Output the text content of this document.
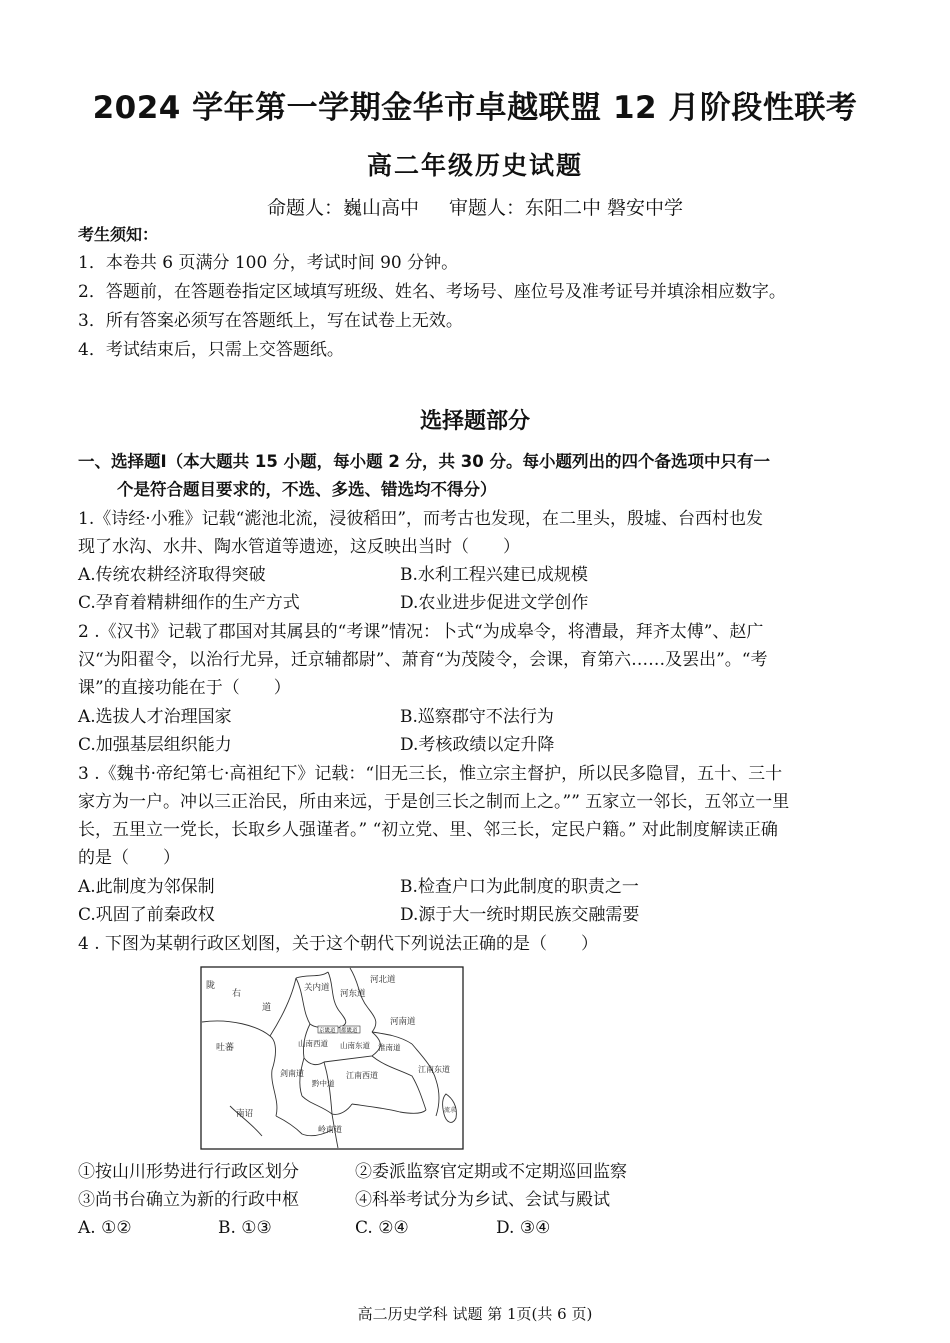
2024 学年第一学期金华市卓越联盟 12 月阶段性联考
高二年级历史试题
命题人：巍山高中 审题人：东阳二中 磐安中学
考生须知：
1．本卷共 6 页满分 100 分，考试时间 90 分钟。
2．答题前，在答题卷指定区域填写班级、姓名、考场号、座位号及准考证号并填涂相应数字。
3．所有答案必须写在答题纸上，写在试卷上无效。
4．考试结束后，只需上交答题纸。
选择题部分
一、选择题Ⅰ（本大题共 15 小题，每小题 2 分，共 30 分。每小题列出的四个备选项中只有一
个是符合题目要求的，不选、多选、错选均不得分）
1.《诗经·小雅》记载“滮池北流，浸彼稻田”，而考古也发现，在二里头，殷墟、台西村也发
现了水沟、水井、陶水管道等遗迹，这反映出当时（　　）
A.传统农耕经济取得突破	B.水利工程兴建已成规模
C.孕育着精耕细作的生产方式	D.农业进步促进文学创作
2 .《汉书》记载了郡国对其属县的“考课”情况：卜式“为成皋令，将漕最，拜齐太傅”、赵广
汉“为阳翟令，以治行尤异，迁京辅都尉”、萧育“为茂陵令，会课，育第六……及罢出”。“考
课”的直接功能在于（　　）
A.选拔人才治理国家	B.巡察郡守不法行为
C.加强基层组织能力	D.考核政绩以定升降
3 .《魏书·帝纪第七·高祖纪下》记载：“旧无三长，惟立宗主督护，所以民多隐冒，五十、三十
家方为一户。冲以三正治民，所由来远，于是创三长之制而上之。”” 五家立一邻长，五邻立一里
长，五里立一党长，长取乡人强谨者。” “初立党、里、邻三长，定民户籍。” 对此制度解读正确
的是（　　）
A.此制度为邻保制	B.检查户口为此制度的职责之一
C.巩固了前秦政权	D.源于大一统时期民族交融需要
4 . 下图为某朝行政区划图，关于这个朝代下列说法正确的是（　　）
陇
右
道
关内道
河东道
河北道
河南道
吐蕃
京畿道 都畿道
山南西道 山南东道 淮南道
剑南道
黔中道
江南西道
江南东道
南诏
岭南道
流求
①按山川形势进行行政区划分	②委派监察官定期或不定期巡回监察
③尚书台确立为新的行政中枢	④科举考试分为乡试、会试与殿试
A. ①②	B. ①③	C. ②④	D. ③④
高二历史学科 试题 第 1页(共 6 页)
